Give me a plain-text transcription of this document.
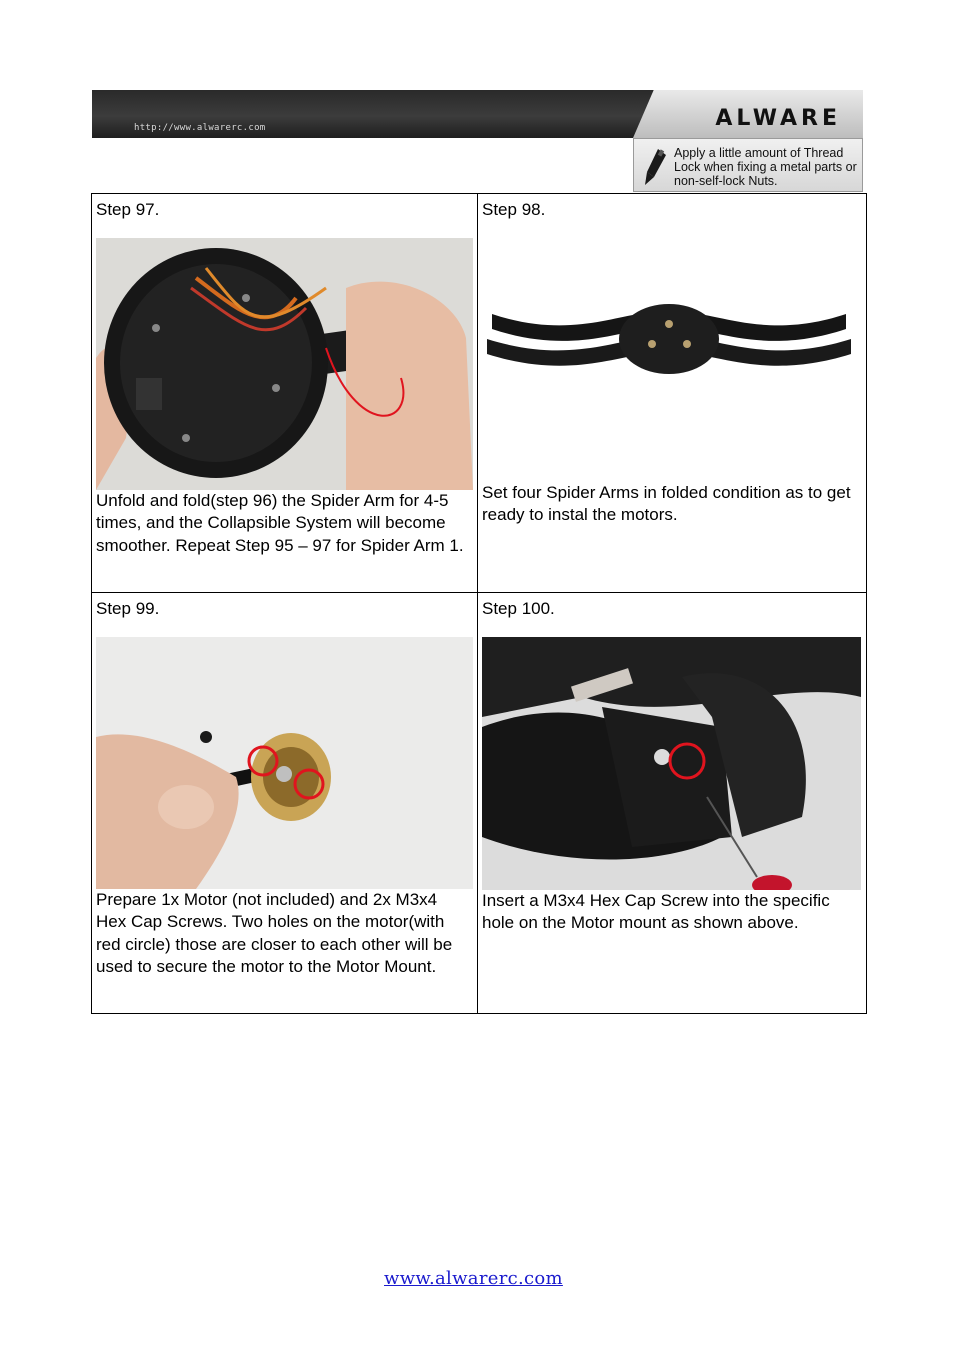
http://www.alwarerc.com	ALWARE
Apply a little amount of Thread Lock when fixing a metal parts or non-self-lock Nuts.
Step 97.
Unfold and fold(step 96) the Spider Arm for 4-5 times, and the Collapsible System will become smoother. Repeat Step 95 – 97 for Spider Arm 1.
Step 98.
Set four Spider Arms in folded condition as to get ready to instal the motors.
Step 99.
Prepare 1x Motor (not included) and 2x M3x4 Hex Cap Screws. Two holes on the motor(with red circle) those are closer to each other will be used to secure the motor to the Motor Mount.
Step 100.
Insert a M3x4 Hex Cap Screw into the specific hole on the Motor mount as shown above.
www.alwarerc.com
